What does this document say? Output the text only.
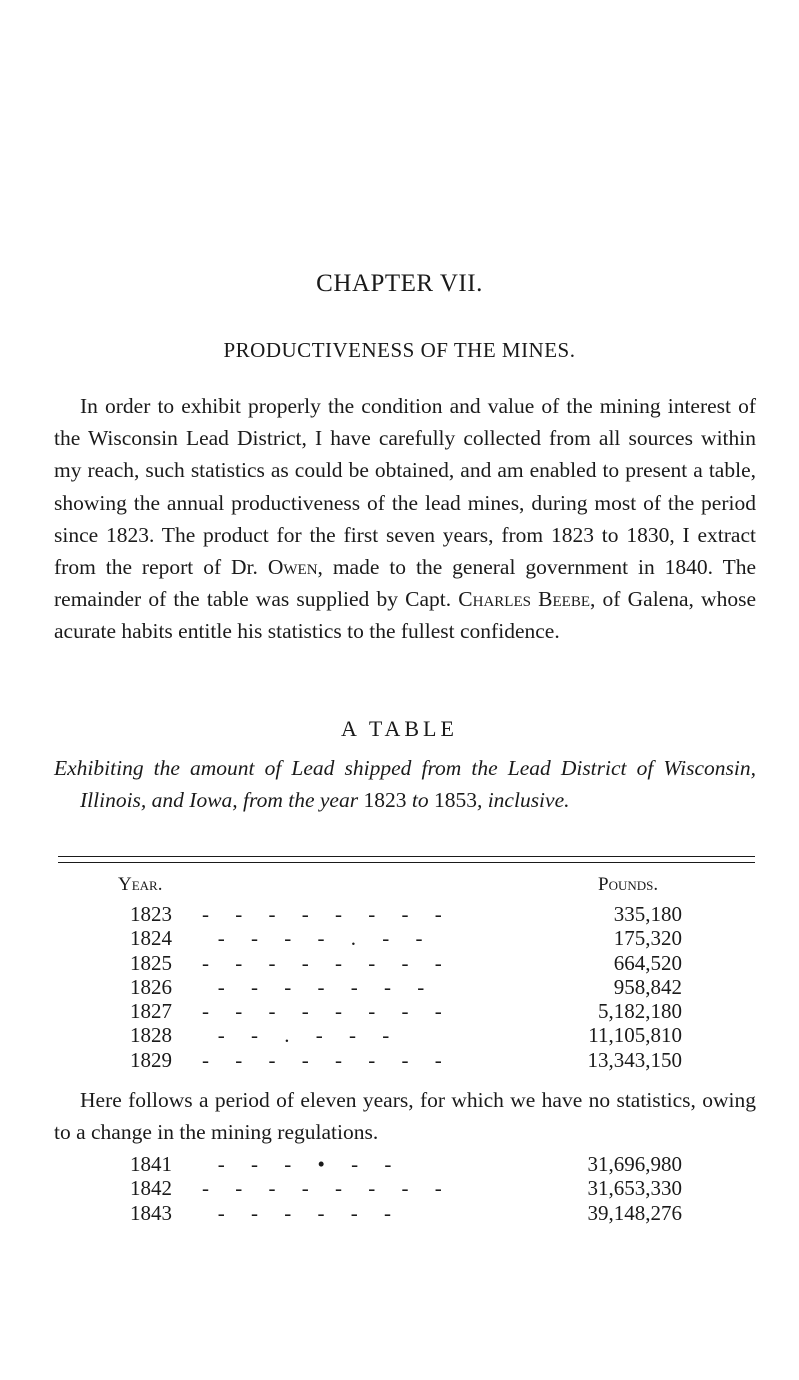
CHAPTER VII.
PRODUCTIVENESS OF THE MINES.

In order to exhibit properly the condition and value of the mining interest of the Wisconsin Lead District, I have carefully collected from all sources within my reach, such statistics as could be obtained, and am enabled to present a table, showing the annual productiveness of the lead mines, during most of the period since 1823. The product for the first seven years, from 1823 to 1830, I extract from the report of Dr. Owen, made to the general government in 1840. The remainder of the table was supplied by Capt. Charles Beebe, of Galena, whose acurate habits entitle his statistics to the fullest confidence.

A TABLE
Exhibiting the amount of Lead shipped from the Lead District of Wisconsin, Illinois, and Iowa, from the year 1823 to 1853, inclusive.
Year.	Pounds.
1823 -     -     -     -     -     -     -     -	335,180
1824 -     -     -     -     .     -     -	175,320
1825 -     -     -     -     -     -     -     -	664,520
1826 -     -     -     -     -     -     -	958,842
1827 -     -     -     -     -     -     -     -	5,182,180
1828 -     -     .     -     -     -	11,105,810
1829 -     -     -     -     -     -     -     -	13,343,150

Here follows a period of eleven years, for which we have no statistics, owing to a change in the mining regulations.

1841 -     -     -     •     -     -	31,696,980
1842 -     -     -     -     -     -     -     -	31,653,330
1843 -     -     -     -     -     -	39,148,276
